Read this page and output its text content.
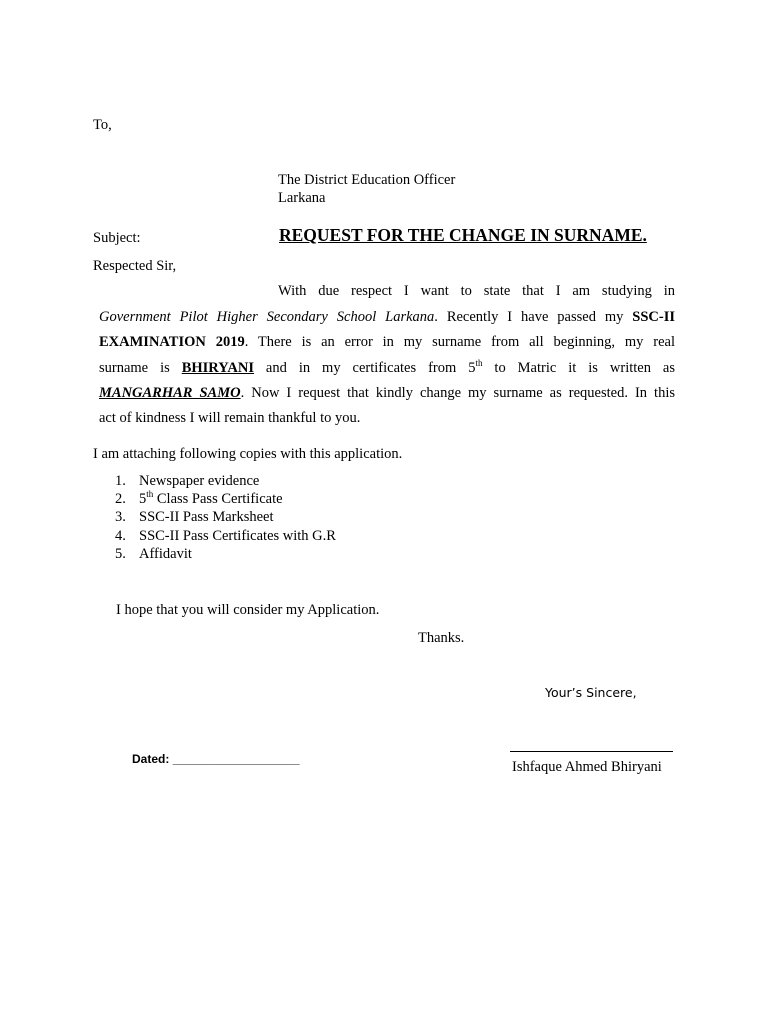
To,
The District Education Officer
Larkana
Subject:	REQUEST FOR THE CHANGE IN SURNAME.
Respected Sir,
With due respect I want to state that I am studying in
Government Pilot Higher Secondary School Larkana. Recently I have passed my SSC-II
EXAMINATION 2019. There is an error in my surname from all beginning, my real
surname is BHIRYANI and in my certificates from 5th to Matric it is written as
MANGARHAR SAMO. Now I request that kindly change my surname as requested. In this
act of kindness I will remain thankful to you.
I am attaching following copies with this application.
1. Newspaper evidence
2. 5th Class Pass Certificate
3. SSC-II Pass Marksheet
4. SSC-II Pass Certificates with G.R
5. Affidavit
I hope that you will consider my Application.
Thanks.
Your’s Sincere,
Dated: ___________________	Ishfaque Ahmed Bhiryani
